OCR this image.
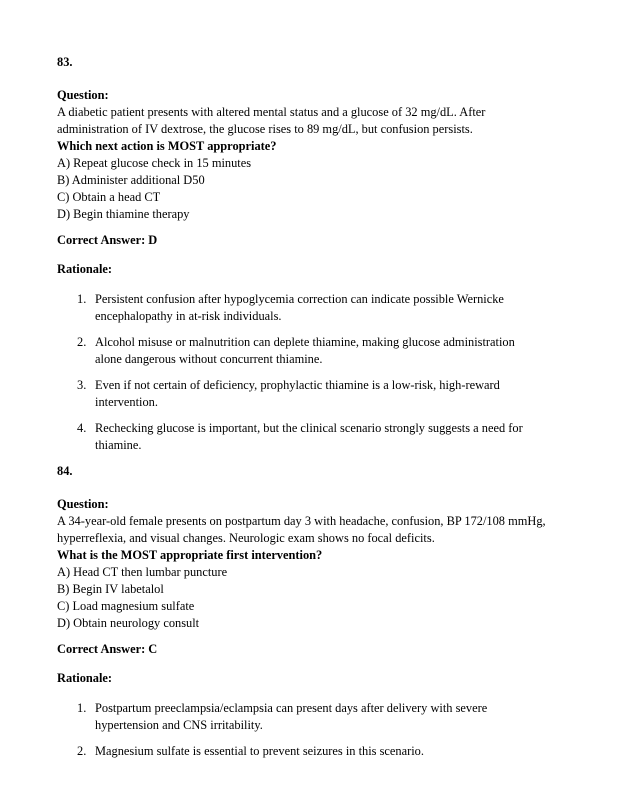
83.

Question:

A diabetic patient presents with altered mental status and a glucose of 32 mg/dL. After administration of IV dextrose, the glucose rises to 89 mg/dL, but confusion persists.

Which next action is MOST appropriate?

A) Repeat glucose check in 15 minutes

B) Administer additional D50

C) Obtain a head CT

D) Begin thiamine therapy

Correct Answer: D

Rationale:

1. Persistent confusion after hypoglycemia correction can indicate possible Wernicke encephalopathy in at-risk individuals.
2. Alcohol misuse or malnutrition can deplete thiamine, making glucose administration alone dangerous without concurrent thiamine.
3. Even if not certain of deficiency, prophylactic thiamine is a low-risk, high-reward intervention.
4. Rechecking glucose is important, but the clinical scenario strongly suggests a need for thiamine.

84.

Question:

A 34-year-old female presents on postpartum day 3 with headache, confusion, BP 172/108 mmHg, hyperreflexia, and visual changes. Neurologic exam shows no focal deficits.

What is the MOST appropriate first intervention?

A) Head CT then lumbar puncture

B) Begin IV labetalol

C) Load magnesium sulfate

D) Obtain neurology consult

Correct Answer: C

Rationale:

1. Postpartum preeclampsia/eclampsia can present days after delivery with severe hypertension and CNS irritability.
2. Magnesium sulfate is essential to prevent seizures in this scenario.
